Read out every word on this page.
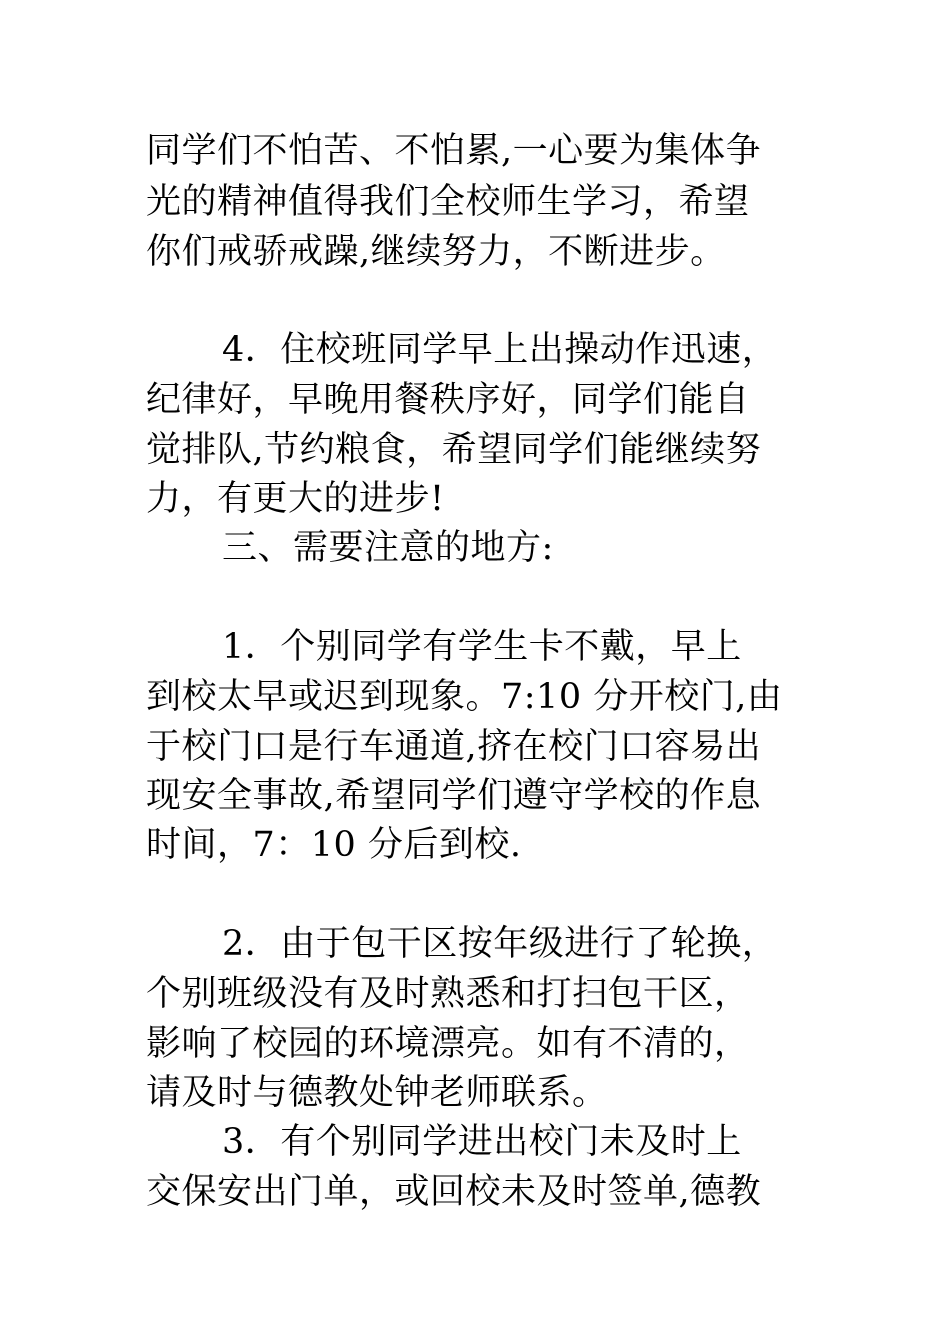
同学们不怕苦、不怕累,一心要为集体争
光的精神值得我们全校师生学习，希望
你们戒骄戒躁,继续努力，不断进步。
4．住校班同学早上出操动作迅速，
纪律好，早晚用餐秩序好，同学们能自
觉排队,节约粮食，希望同学们能继续努
力，有更大的进步!
三、需要注意的地方:
1．个别同学有学生卡不戴，早上
到校太早或迟到现象。7:10 分开校门,由
于校门口是行车通道,挤在校门口容易出
现安全事故,希望同学们遵守学校的作息
时间，7：10 分后到校.
2．由于包干区按年级进行了轮换，
个别班级没有及时熟悉和打扫包干区，
影响了校园的环境漂亮。如有不清的，
请及时与德教处钟老师联系。
3．有个别同学进出校门未及时上
交保安出门单，或回校未及时签单,德教
